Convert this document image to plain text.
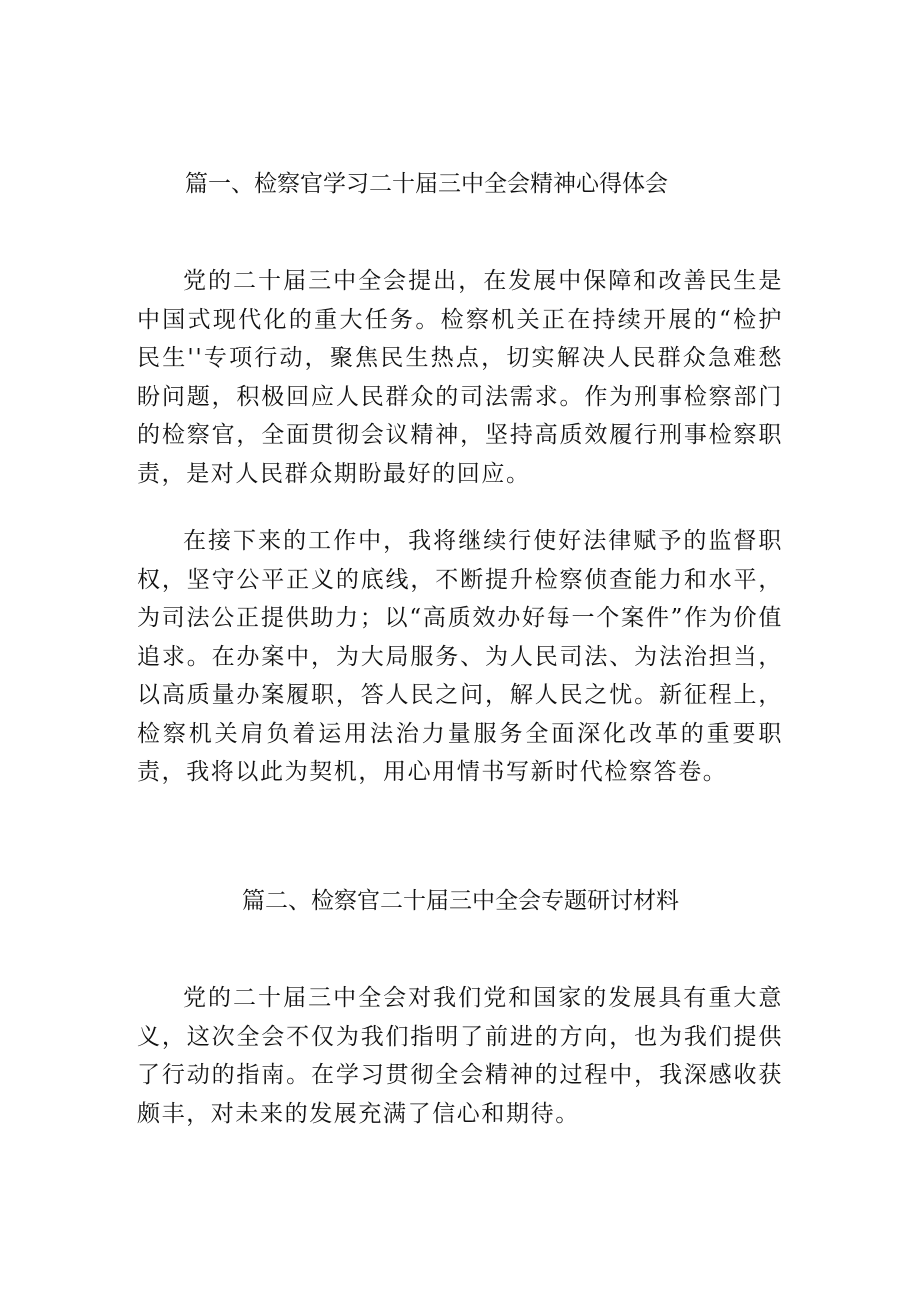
篇一、检察官学习二十届三中全会精神心得体会

党的二十届三中全会提出，在发展中保障和改善民生是中国式现代化的重大任务。检察机关正在持续开展的“检护民生''专项行动，聚焦民生热点，切实解决人民群众急难愁盼问题，积极回应人民群众的司法需求。作为刑事检察部门的检察官，全面贯彻会议精神，坚持高质效履行刑事检察职责，是对人民群众期盼最好的回应。

在接下来的工作中，我将继续行使好法律赋予的监督职权，坚守公平正义的底线，不断提升检察侦查能力和水平，为司法公正提供助力；以“高质效办好每一个案件”作为价值追求。在办案中，为大局服务、为人民司法、为法治担当，以高质量办案履职，答人民之问，解人民之忧。新征程上，检察机关肩负着运用法治力量服务全面深化改革的重要职责，我将以此为契机，用心用情书写新时代检察答卷。

篇二、检察官二十届三中全会专题研讨材料

党的二十届三中全会对我们党和国家的发展具有重大意义，这次全会不仅为我们指明了前进的方向，也为我们提供了行动的指南。在学习贯彻全会精神的过程中，我深感收获颇丰，对未来的发展充满了信心和期待。
